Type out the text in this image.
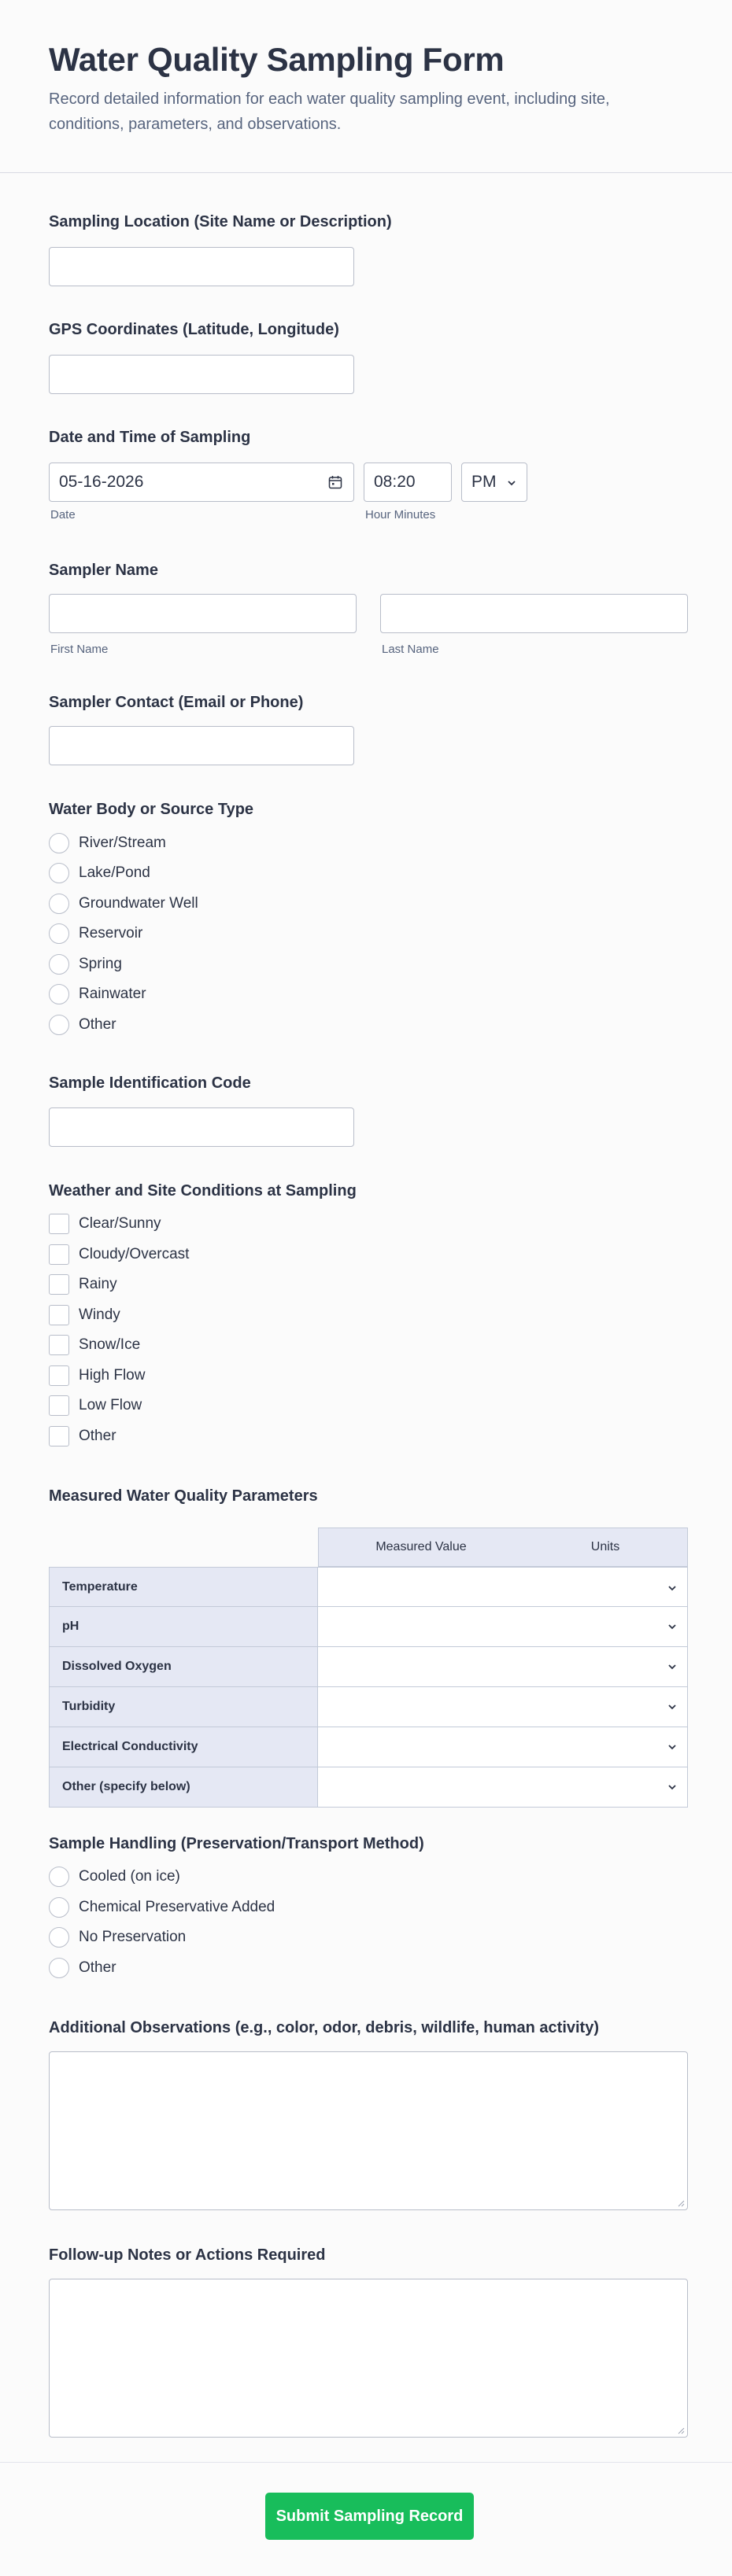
Water Quality Sampling Form
Record detailed information for each water quality sampling event, including site, conditions, parameters, and observations.
Sampling Location (Site Name or Description)
GPS Coordinates (Latitude, Longitude)
Date and Time of Sampling
05-16-2026
Date
08:20	PM
Hour Minutes
Sampler Name
First Name	Last Name
Sampler Contact (Email or Phone)
Water Body or Source Type
River/Stream
Lake/Pond
Groundwater Well
Reservoir
Spring
Rainwater
Other
Sample Identification Code
Weather and Site Conditions at Sampling
Clear/Sunny
Cloudy/Overcast
Rainy
Windy
Snow/Ice
High Flow
Low Flow
Other
Measured Water Quality Parameters
Measured Value	Units
Temperature
pH
Dissolved Oxygen
Turbidity
Electrical Conductivity
Other (specify below)
Sample Handling (Preservation/Transport Method)
Cooled (on ice)
Chemical Preservative Added
No Preservation
Other
Additional Observations (e.g., color, odor, debris, wildlife, human activity)
Follow-up Notes or Actions Required
Submit Sampling Record
